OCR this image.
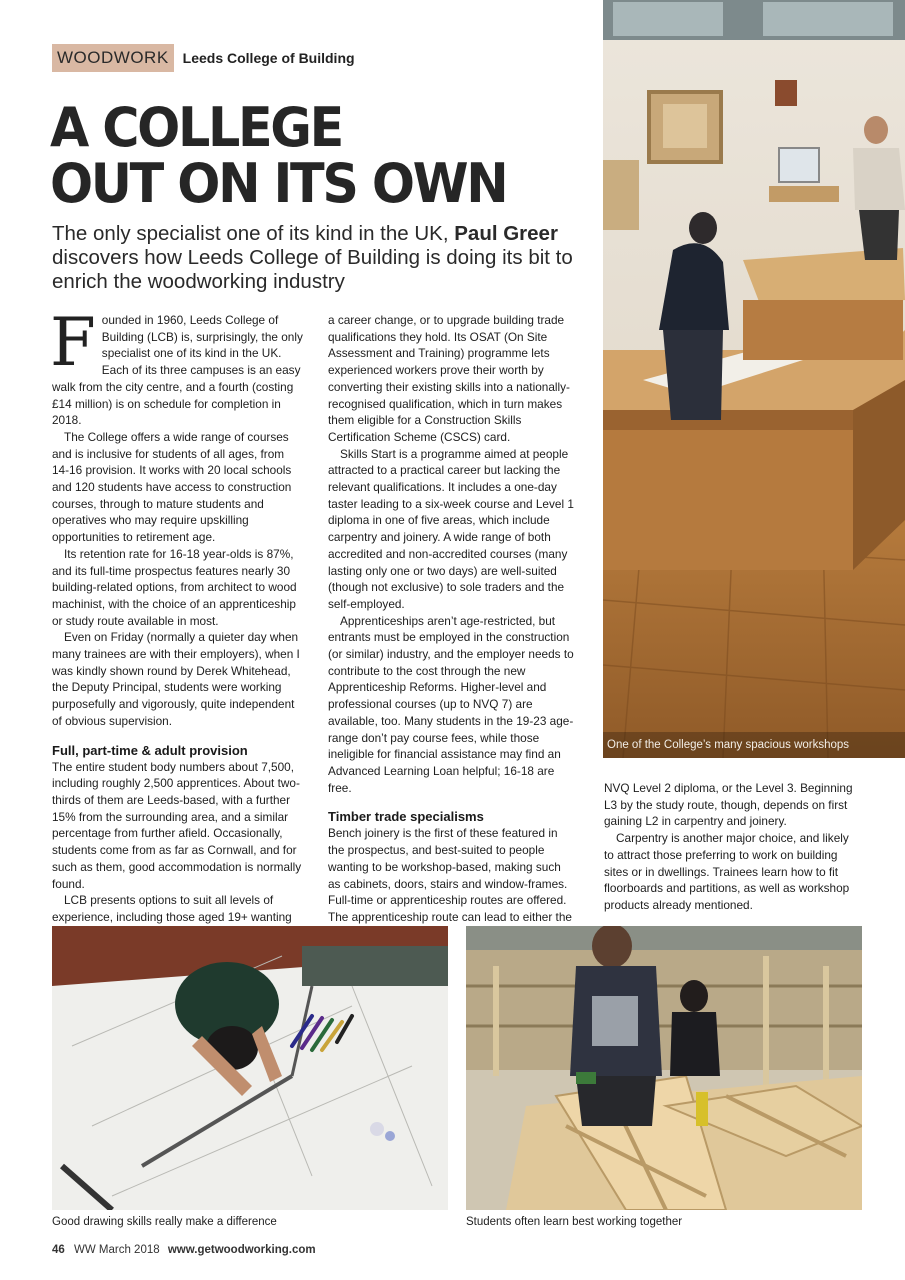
WOODWORK	Leeds College of Building
A COLLEGE
OUT ON ITS OWN

The only specialist one of its kind in the UK, Paul Greer discovers how Leeds College of Building is doing its bit to enrich the woodworking industry

Founded in 1960, Leeds College of Building (LCB) is, surprisingly, the only specialist one of its kind in the UK. Each of its three campuses is an easy walk from the city centre, and a fourth (costing £14 million) is on schedule for completion in 2018.

The College offers a wide range of courses and is inclusive for students of all ages, from 14-16 provision. It works with 20 local schools and 120 students have access to construction courses, through to mature students and operatives who may require upskilling opportunities to retirement age.

Its retention rate for 16-18 year-olds is 87%, and its full-time prospectus features nearly 30 building-related options, from architect to wood machinist, with the choice of an apprenticeship or study route available in most.

Even on Friday (normally a quieter day when many trainees are with their employers), when I was kindly shown round by Derek Whitehead, the Deputy Principal, students were working purposefully and vigorously, quite independent of obvious supervision.

Full, part-time & adult provision

The entire student body numbers about 7,500, including roughly 2,500 apprentices. About two-thirds of them are Leeds-based, with a further 15% from the surrounding area, and a similar percentage from further afield. Occasionally, students come from as far as Cornwall, and for such as them, good accommodation is normally found.

LCB presents options to suit all levels of experience, including those aged 19+ wanting

a career change, or to upgrade building trade qualifications they hold. Its OSAT (On Site Assessment and Training) programme lets experienced workers prove their worth by converting their existing skills into a nationally-recognised qualification, which in turn makes them eligible for a Construction Skills Certification Scheme (CSCS) card.

Skills Start is a programme aimed at people attracted to a practical career but lacking the relevant qualifications. It includes a one-day taster leading to a six-week course and Level 1 diploma in one of five areas, which include carpentry and joinery. A wide range of both accredited and non-accredited courses (many lasting only one or two days) are well-suited (though not exclusive) to sole traders and the self-employed.

Apprenticeships aren’t age-restricted, but entrants must be employed in the construction (or similar) industry, and the employer needs to contribute to the cost through the new Apprenticeship Reforms. Higher-level and professional courses (up to NVQ 7) are available, too. Many students in the 19-23 age-range don’t pay course fees, while those ineligible for financial assistance may find an Advanced Learning Loan helpful; 16-18 are free.

Timber trade specialisms

Bench joinery is the first of these featured in the prospectus, and best-suited to people wanting to be workshop-based, making such as cabinets, doors, stairs and window-frames. Full-time or apprenticeship routes are offered. The apprenticeship route can lead to either the

NVQ Level 2 diploma, or the Level 3. Beginning L3 by the study route, though, depends on first gaining L2 in carpentry and joinery.

Carpentry is another major choice, and likely to attract those preferring to work on building sites or in dwellings. Trainees learn how to fit floorboards and partitions, as well as workshop products already mentioned.

One of the College’s many spacious workshops
Good drawing skills really make a difference	Students often learn best working together
46 WW March 2018 www.getwoodworking.com
